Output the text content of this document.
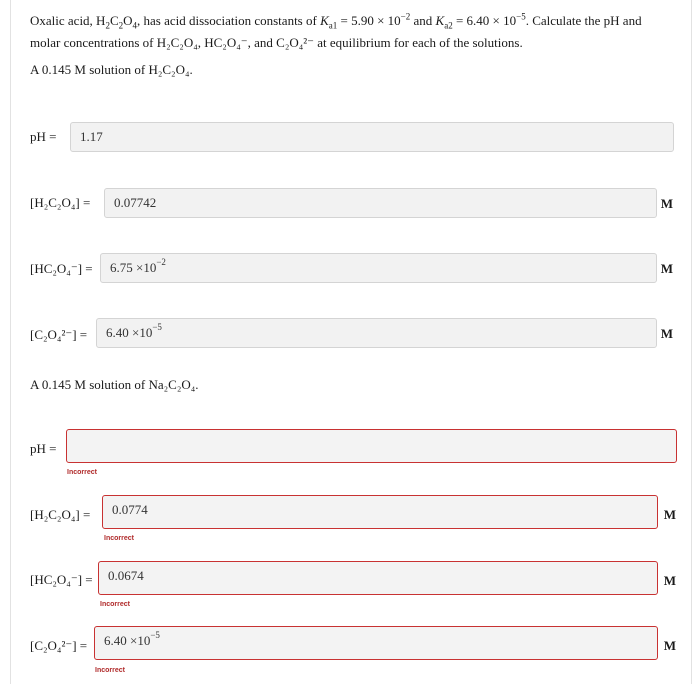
Oxalic acid, $H_2C_2O_4$, has acid dissociation constants of $K_{a1} = 5.90 \times 10^{-2}$ and $K_{a2} = 6.40 \times 10^{-5}$. Calculate the pH and molar concentrations of H₂C₂O₄, HC₂O₄⁻, and C₂O₄²⁻ at equilibrium for each of the solutions.
A 0.145 M solution of H₂C₂O₄.
pH =	1.17
[H₂C₂O₄] =	0.07742	M
[HC₂O₄⁻] =	$6.75 \times 10^{-2}$	M
[C₂O₄²⁻] =	$6.40 \times 10^{-5}$	M
A 0.145 M solution of Na₂C₂O₄.
pH =
Incorrect
[H₂C₂O₄] =	0.0774	M
Incorrect
[HC₂O₄⁻] =	0.0674	M
Incorrect
[C₂O₄²⁻] =	$6.40 \times 10^{-5}$
M
Incorrect
